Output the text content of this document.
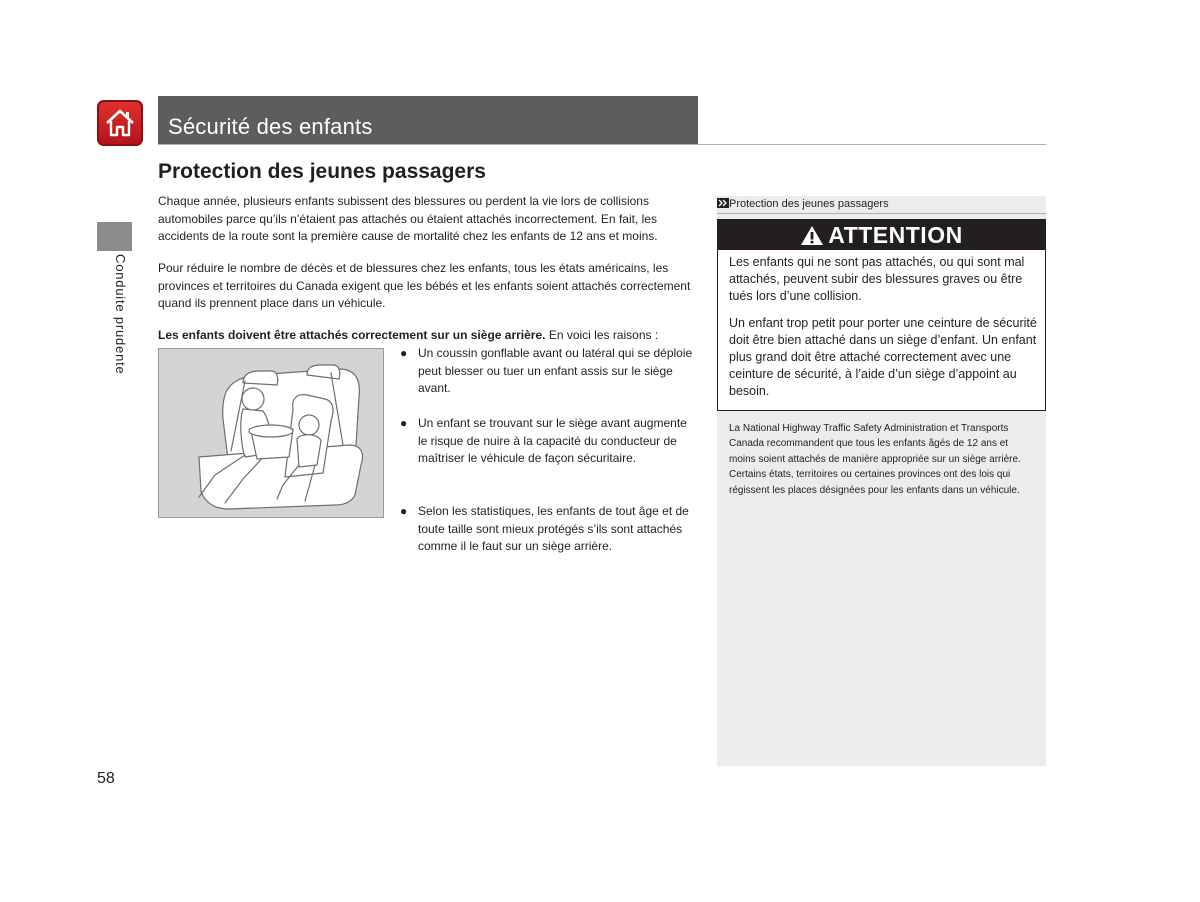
Sécurité des enfants
Conduite prudente
Protection des jeunes passagers
Chaque année, plusieurs enfants subissent des blessures ou perdent la vie lors de collisions automobiles parce qu’ils n’étaient pas attachés ou étaient attachés incorrectement. En fait, les accidents de la route sont la première cause de mortalité chez les enfants de 12 ans et moins.
Pour réduire le nombre de décès et de blessures chez les enfants, tous les états américains, les provinces et territoires du Canada exigent que les bébés et les enfants soient attachés correctement quand ils prennent place dans un véhicule.
Les enfants doivent être attachés correctement sur un siège arrière. En voici les raisons :
● Un coussin gonflable avant ou latéral qui se déploie peut blesser ou tuer un enfant assis sur le siège avant.
● Un enfant se trouvant sur le siège avant augmente le risque de nuire à la capacité du conducteur de maîtriser le véhicule de façon sécuritaire.
● Selon les statistiques, les enfants de tout âge et de toute taille sont mieux protégés s’ils sont attachés comme il le faut sur un siège arrière.
Protection des jeunes passagers
ATTENTION
Les enfants qui ne sont pas attachés, ou qui sont mal attachés, peuvent subir des blessures graves ou être tués lors d’une collision.
Un enfant trop petit pour porter une ceinture de sécurité doit être bien attaché dans un siège d’enfant. Un enfant plus grand doit être attaché correctement avec une ceinture de sécurité, à l’aide d’un siège d’appoint au besoin.
La National Highway Traffic Safety Administration et Transports Canada recommandent que tous les enfants âgés de 12 ans et moins soient attachés de manière appropriée sur un siège arrière. Certains états, territoires ou certaines provinces ont des lois qui régissent les places désignées pour les enfants dans un véhicule.
58
